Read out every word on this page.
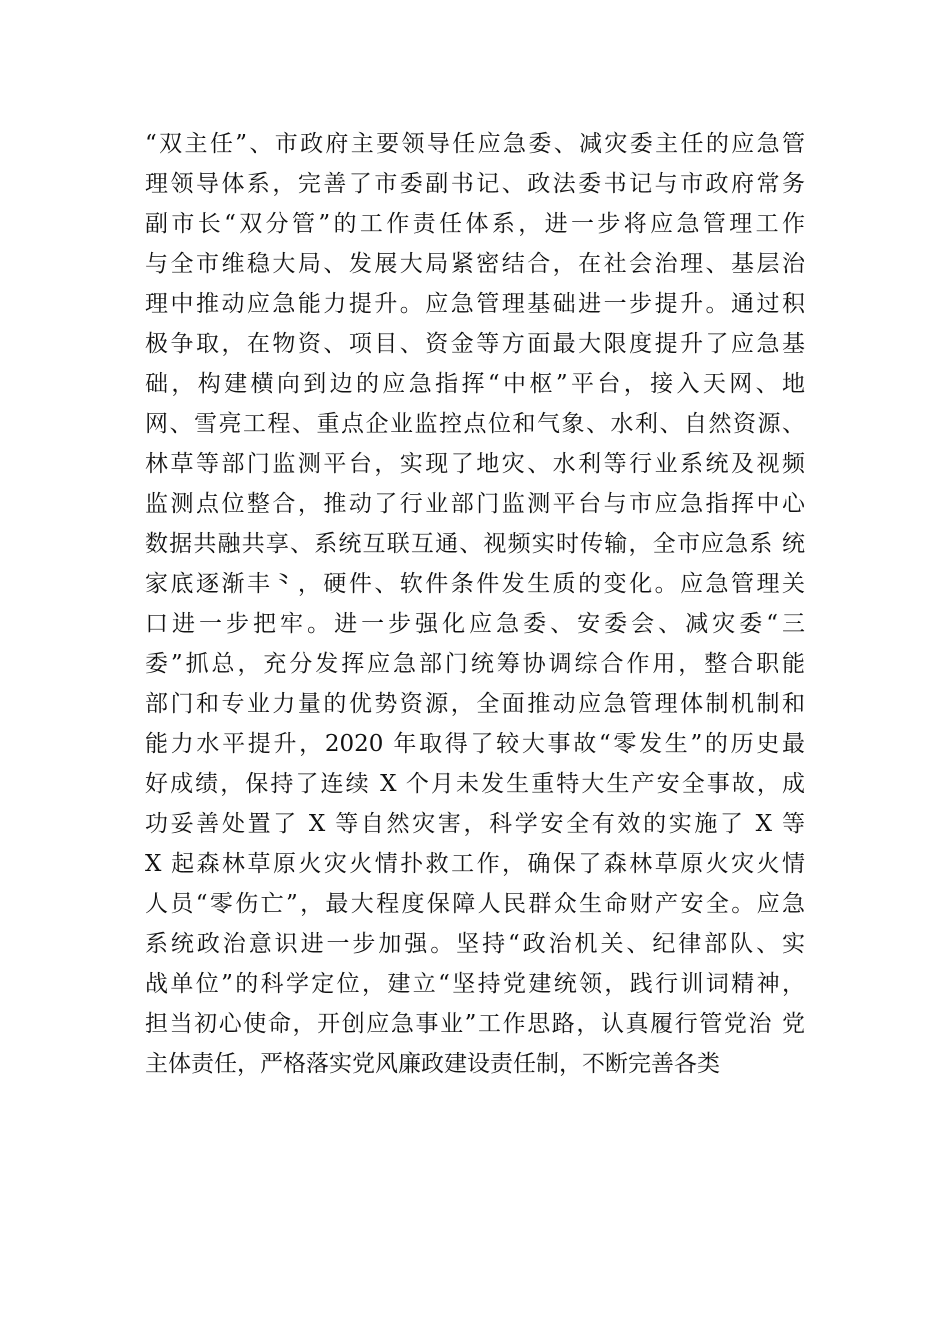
“双主任”、市政府主要领导任应急委、减灾委主任的应急管
理领导体系，完善了市委副书记、政法委书记与市政府常务
副市长“双分管”的工作责任体系，进一步将应急管理工作
与全市维稳大局、发展大局紧密结合，在社会治理、基层治
理中推动应急能力提升。应急管理基础进一步提升。通过积
极争取，在物资、项目、资金等方面最大限度提升了应急基
础，构建横向到边的应急指挥“中枢”平台，接入天网、地
网、雪亮工程、重点企业监控点位和气象、水利、自然资源、
林草等部门监测平台，实现了地灾、水利等行业系统及视频
监测点位整合，推动了行业部门监测平台与市应急指挥中心
数据共融共享、系统互联互通、视频实时传输，全市应急系 统
家底逐渐丰⺀，硬件、软件条件发生质的变化。应急管理关
口进一步把牢。进一步强化应急委、安委会、减灾委“三
委”抓总，充分发挥应急部门统筹协调综合作用，整合职能
部门和专业力量的优势资源，全面推动应急管理体制机制和
能力水平提升，2020 年取得了较大事故“零发生”的历史最
好成绩，保持了连续 X 个月未发生重特大生产安全事故，成
功妥善处置了 X 等自然灾害，科学安全有效的实施了 X 等
X 起森林草原火灾火情扑救工作，确保了森林草原火灾火情
人员“零伤亡”，最大程度保障人民群众生命财产安全。应急
系统政治意识进一步加强。坚持“政治机关、纪律部队、实
战单位”的科学定位，建立“坚持党建统领，践行训词精神，
担当初心使命，开创应急事业”工作思路，认真履行管党治 党
主体责任，严格落实党风廉政建设责任制，不断完善各类
